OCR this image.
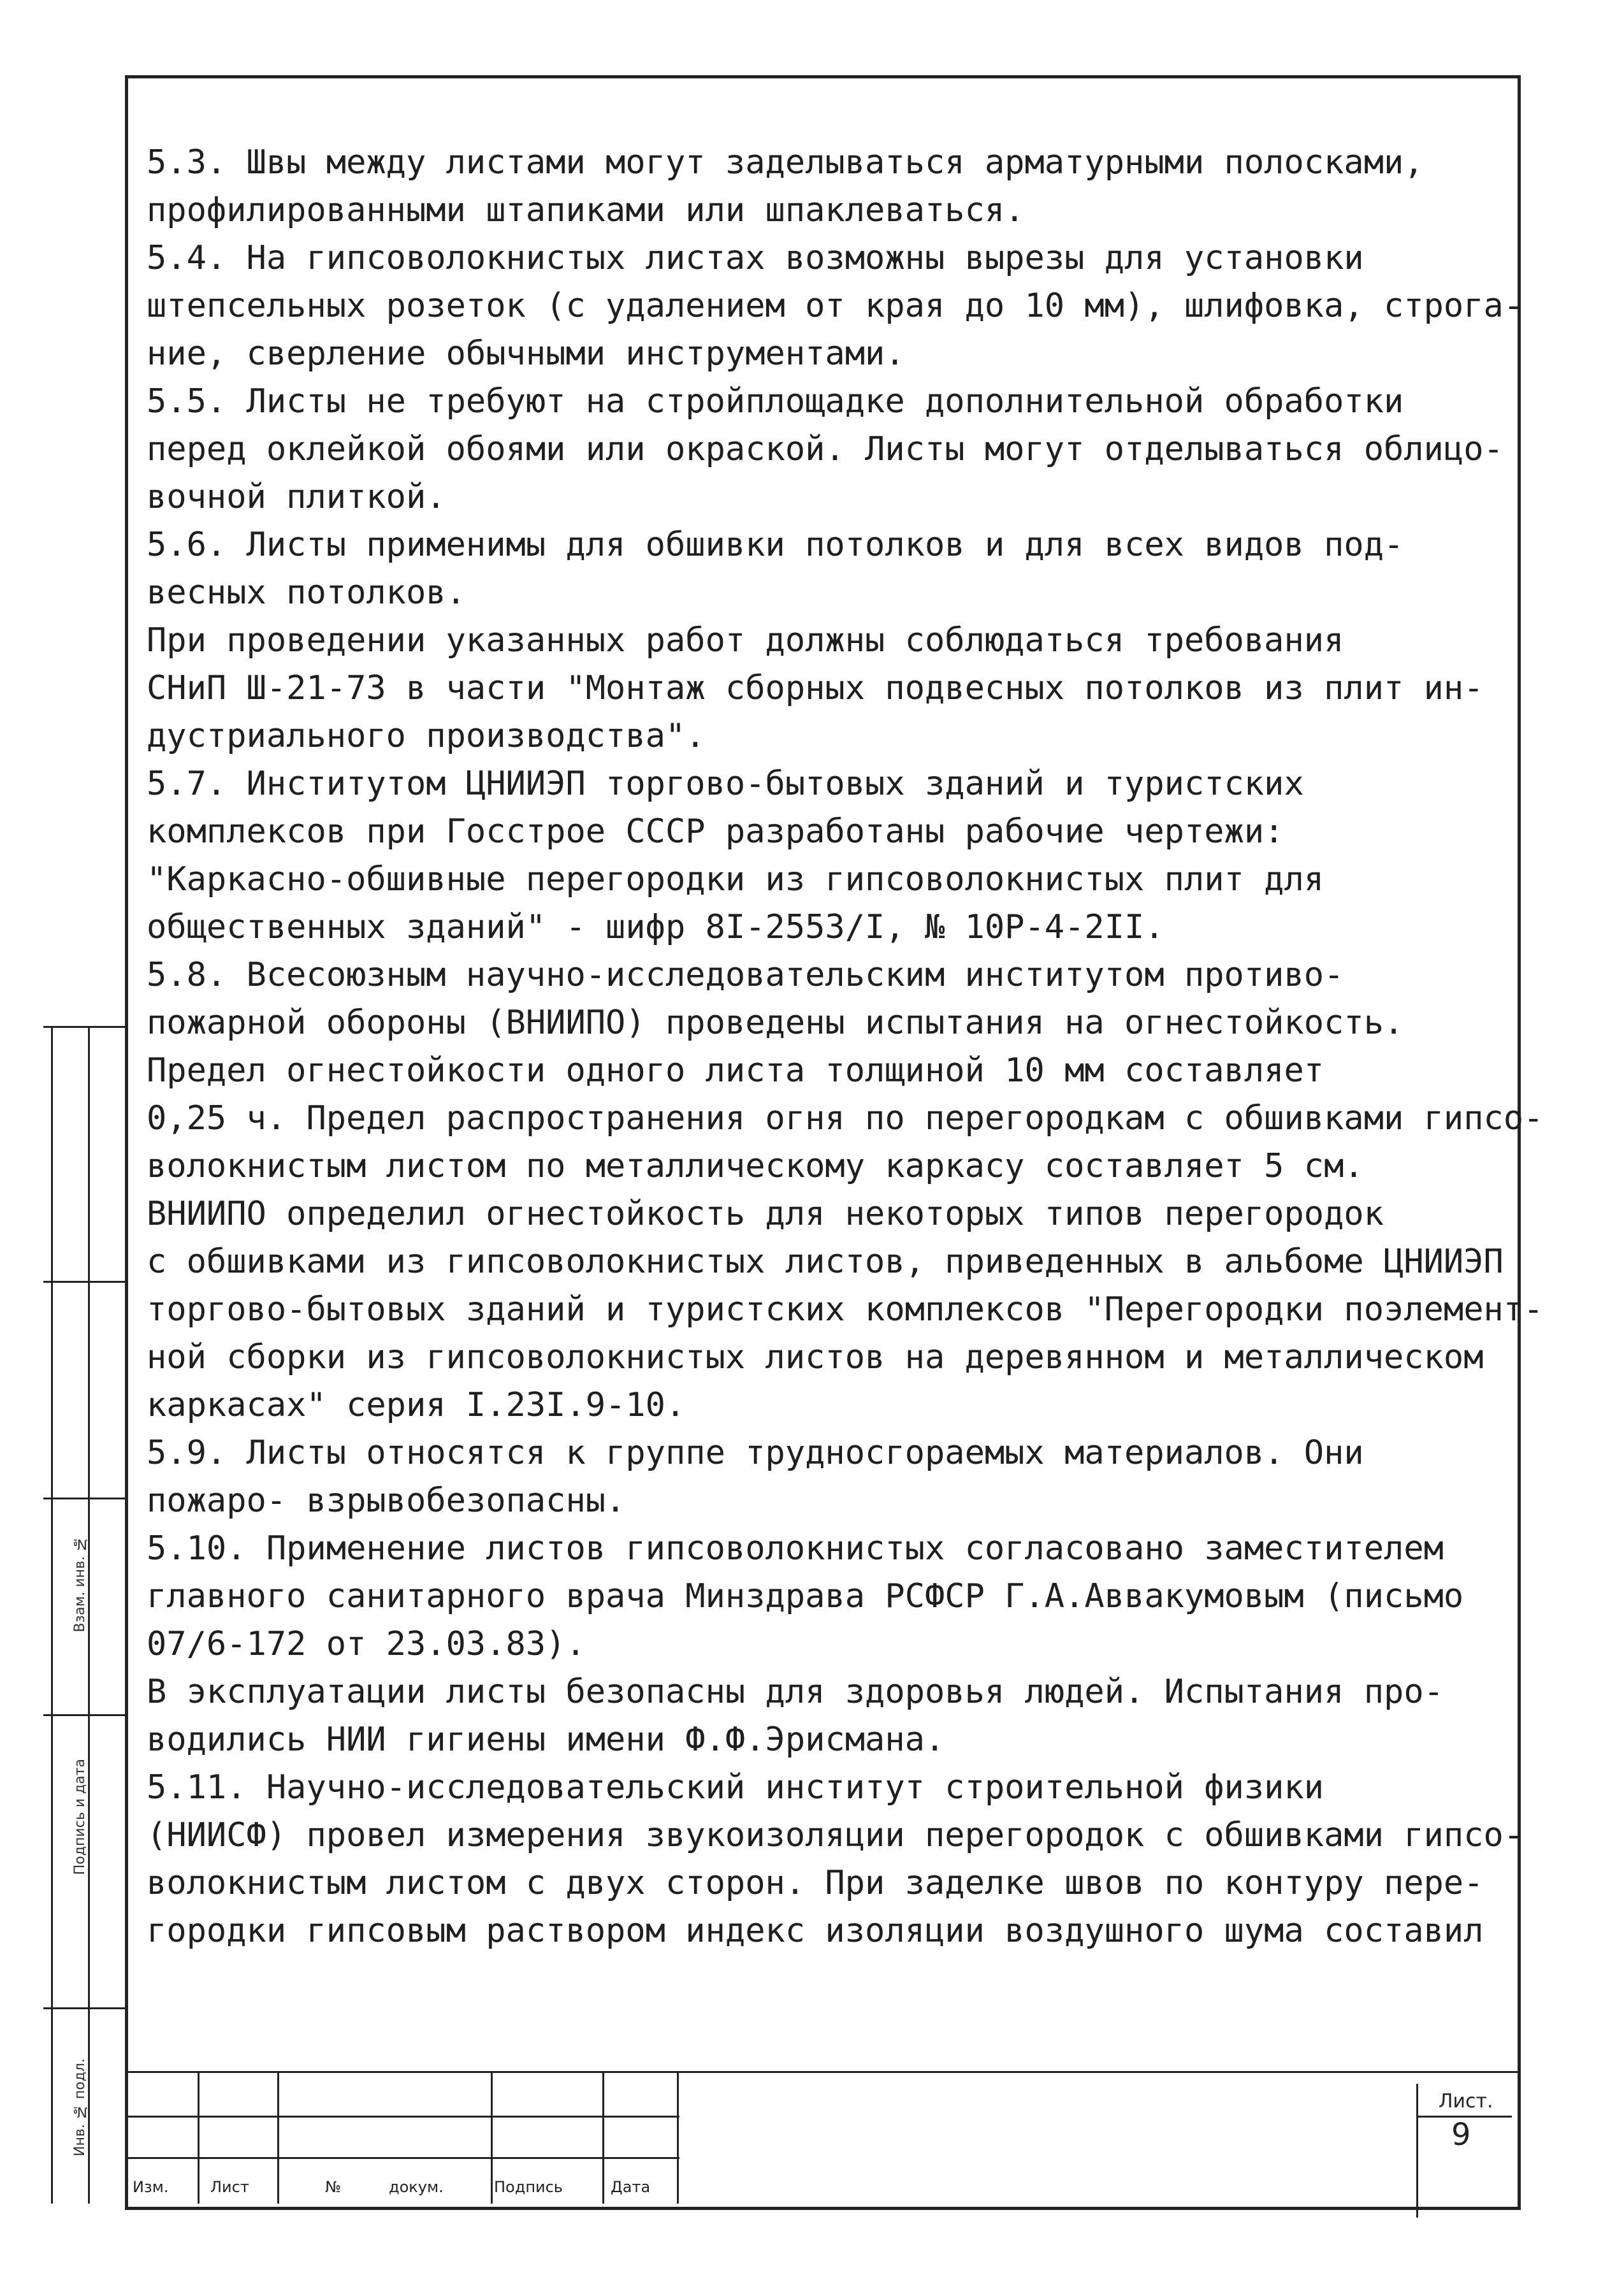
5.3. Швы между листами могут заделываться арматурными полосками,
профилированными штапиками или шпаклеваться.
5.4. На гипсоволокнистых листах возможны вырезы для установки
штепсельных розеток (с удалением от края до 10 мм), шлифовка, строга-
ние, сверление обычными инструментами.
5.5. Листы не требуют на стройплощадке дополнительной обработки
перед оклейкой обоями или окраской. Листы могут отделываться облицо-
вочной плиткой.
5.6. Листы применимы для обшивки потолков и для всех видов под-
весных потолков.
При проведении указанных работ должны соблюдаться требования
СНиП Ш-21-73 в части "Монтаж сборных подвесных потолков из плит ин-
дустриального производства".
5.7. Институтом ЦНИИЭП торгово-бытовых зданий и туристских
комплексов при Госстрое СССР разработаны рабочие чертежи:
"Каркасно-обшивные перегородки из гипсоволокнистых плит для
общественных зданий" - шифр 8I-2553/I, № 10Р-4-2II.
5.8. Всесоюзным научно-исследовательским институтом противо-
пожарной обороны (ВНИИПО) проведены испытания на огнестойкость.
Предел огнестойкости одного листа толщиной 10 мм составляет
0,25 ч. Предел распространения огня по перегородкам с обшивками гипсо-
волокнистым листом по металлическому каркасу составляет 5 см.
ВНИИПО определил огнестойкость для некоторых типов перегородок
с обшивками из гипсоволокнистых листов, приведенных в альбоме ЦНИИЭП
торгово-бытовых зданий и туристских комплексов "Перегородки поэлемент-
ной сборки из гипсоволокнистых листов на деревянном и металлическом
каркасах" серия I.23I.9-10.
5.9. Листы относятся к группе трудносгораемых материалов. Они
пожаро- взрывобезопасны.
5.10. Применение листов гипсоволокнистых согласовано заместителем
главного санитарного врача Минздрава РСФСР Г.А.Аввакумовым (письмо
07/6-172 от 23.03.83).
В эксплуатации листы безопасны для здоровья людей. Испытания про-
водились НИИ гигиены имени Ф.Ф.Эрисмана.
5.11. Научно-исследовательский институт строительной физики
(НИИСФ) провел измерения звукоизоляции перегородок с обшивками гипсо-
волокнистым листом с двух сторон. При заделке швов по контуру пере-
городки гипсовым раствором индекс изоляции воздушного шума составил
Подпись и дата
Инв. № подл.
Взам. инв. №
Изм.	Лист	№	докум.	Подпись	Дата
Лист.
9
